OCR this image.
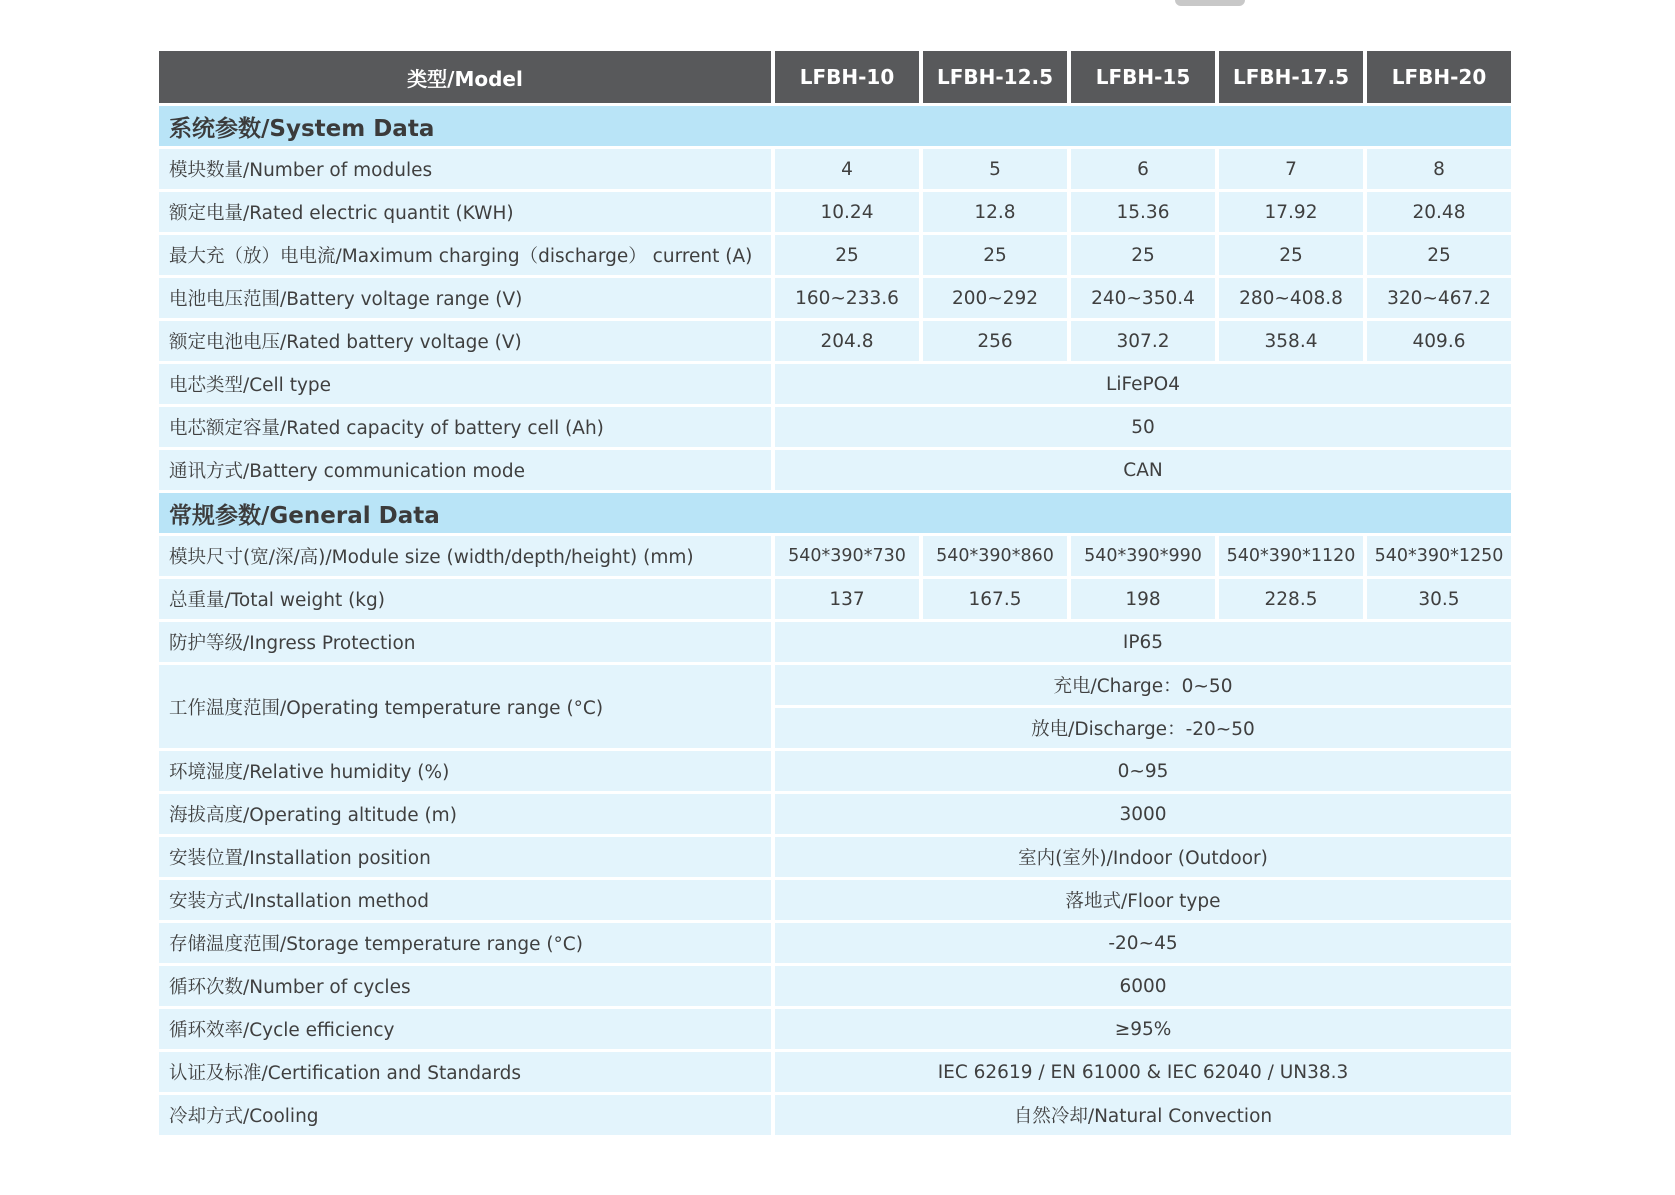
类型/Model	LFBH-10	LFBH-12.5	LFBH-15	LFBH-17.5	LFBH-20
系统参数/System Data					
模块数量/Number of modules	4	5	6	7	8
额定电量/Rated electric quantit (KWH)	10.24	12.8	15.36	17.92	20.48
最大充（放）电电流/Maximum charging（discharge） current (A)	25	25	25	25	25
电池电压范围/Battery voltage range (V)	160~233.6	200~292	240~350.4	280~408.8	320~467.2
额定电池电压/Rated battery voltage (V)	204.8	256	307.2	358.4	409.6
电芯类型/Cell type	LiFePO4				
电芯额定容量/Rated capacity of battery cell (Ah)	50				
通讯方式/Battery communication mode	CAN				
常规参数/General Data					
模块尺寸(宽/深/高)/Module size (width/depth/height) (mm)	540*390*730	540*390*860	540*390*990	540*390*1120	540*390*1250
总重量/Total weight (kg)	137	167.5	198	228.5	30.5
防护等级/Ingress Protection	IP65				
工作温度范围/Operating temperature range (°C)	充电/Charge：0~50				
	放电/Discharge：-20~50				
环境湿度/Relative humidity (%)	0~95				
海拔高度/Operating altitude (m)	3000				
安装位置/Installation position	室内(室外)/Indoor (Outdoor)				
安装方式/Installation method	落地式/Floor type				
存储温度范围/Storage temperature range (°C)	-20~45				
循环次数/Number of cycles	6000				
循环效率/Cycle efficiency	≥95%				
认证及标准/Certification and Standards	IEC 62619 / EN 61000 & IEC 62040 / UN38.3				
冷却方式/Cooling	自然冷却/Natural Convection				
